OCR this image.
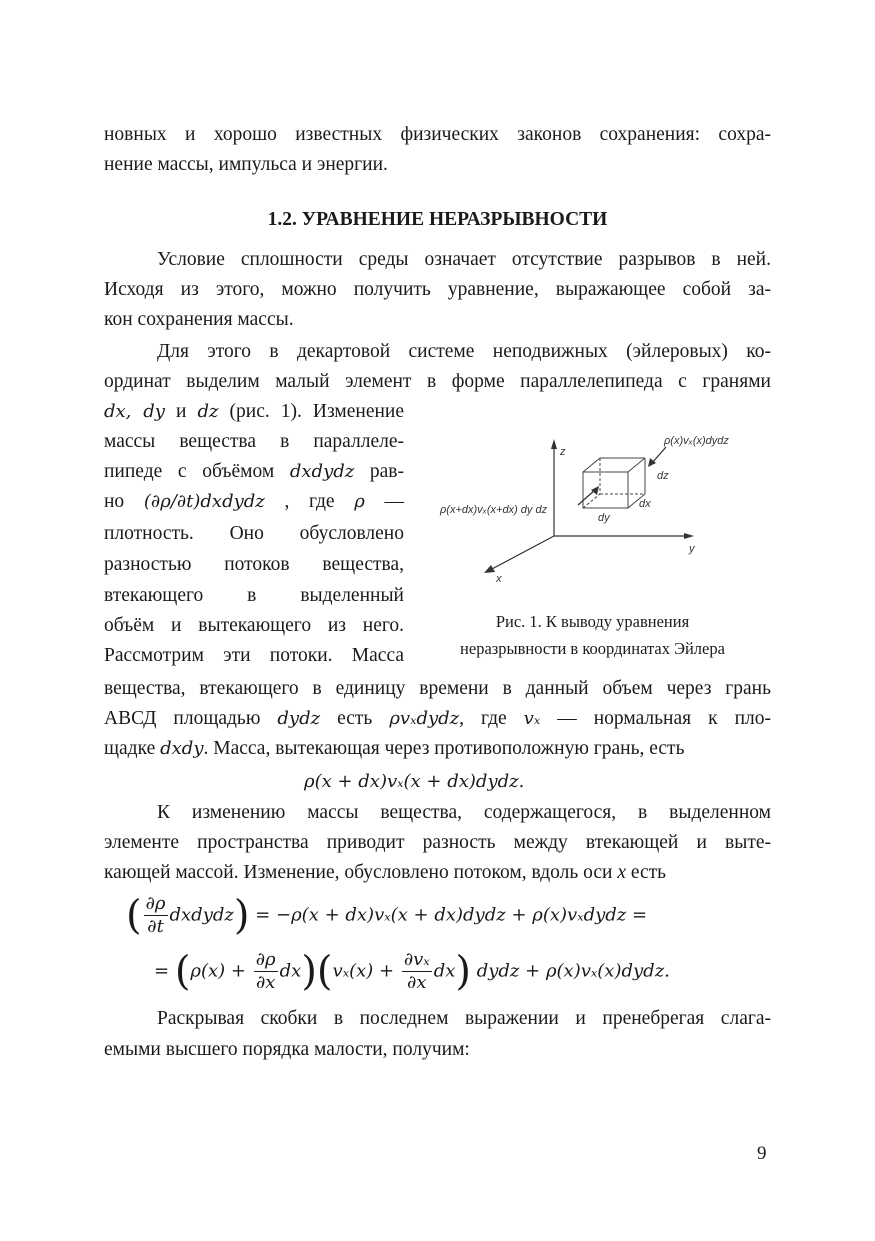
новных и хорошо известных физических законов сохранения: сохра-
нение массы, импульса и энергии.
1.2. УРАВНЕНИЕ НЕРАЗРЫВНОСТИ
Условие сплошности среды означает отсутствие разрывов в ней.
Исходя из этого, можно получить уравнение, выражающее собой за-
кон сохранения массы.
Для этого в декартовой системе неподвижных (эйлеровых) ко-
ординат выделим малый элемент в форме параллелепипеда с гранями
dx, dy и dz (рис. 1). Изменение
массы вещества в параллеле-
пипеде с объёмом dxdydz рав-
но (∂ρ/∂t)dxdydz , где ρ —
плотность. Оно обусловлено
разностью потоков вещества,
втекающего в выделенный
объём и вытекающего из него.
Рассмотрим эти потоки. Масса
вещества, втекающего в единицу времени в данный объем через грань
АВСД площадью dydz есть ρvₓdydz, где vₓ — нормальная к пло-
щадке dxdy. Масса, вытекающая через противоположную грань, есть
ρ(x + dx)vₓ(x + dx)dydz.
z
y
x
dz
dx
dy
ρ(x)vₓ(x)dydz
ρ(x+dx)vₓ(x+dx) dy dz
Рис. 1. К выводу уравнения
неразрывности в координатах Эйлера
К изменению массы вещества, содержащегося, в выделенном
элементе пространства приводит разность между втекающей и выте-
кающей массой. Изменение, обусловлено потоком, вдоль оси x есть
( $\frac{\partial\rho}{\partial t}$ dxdydz) = −ρ(x + dx)vₓ(x + dx)dydz + ρ(x)vₓdydz =
= $(\rho(x) + \frac{\partial\rho}{\partial x} dx)(v_x(x) + \frac{\text{∂vₓ}}{\partial x} dx)$ dydz + ρ(x)vₓ(x)dydz.
Раскрывая скобки в последнем выражении и пренебрегая слага-
емыми высшего порядка малости, получим:
9
